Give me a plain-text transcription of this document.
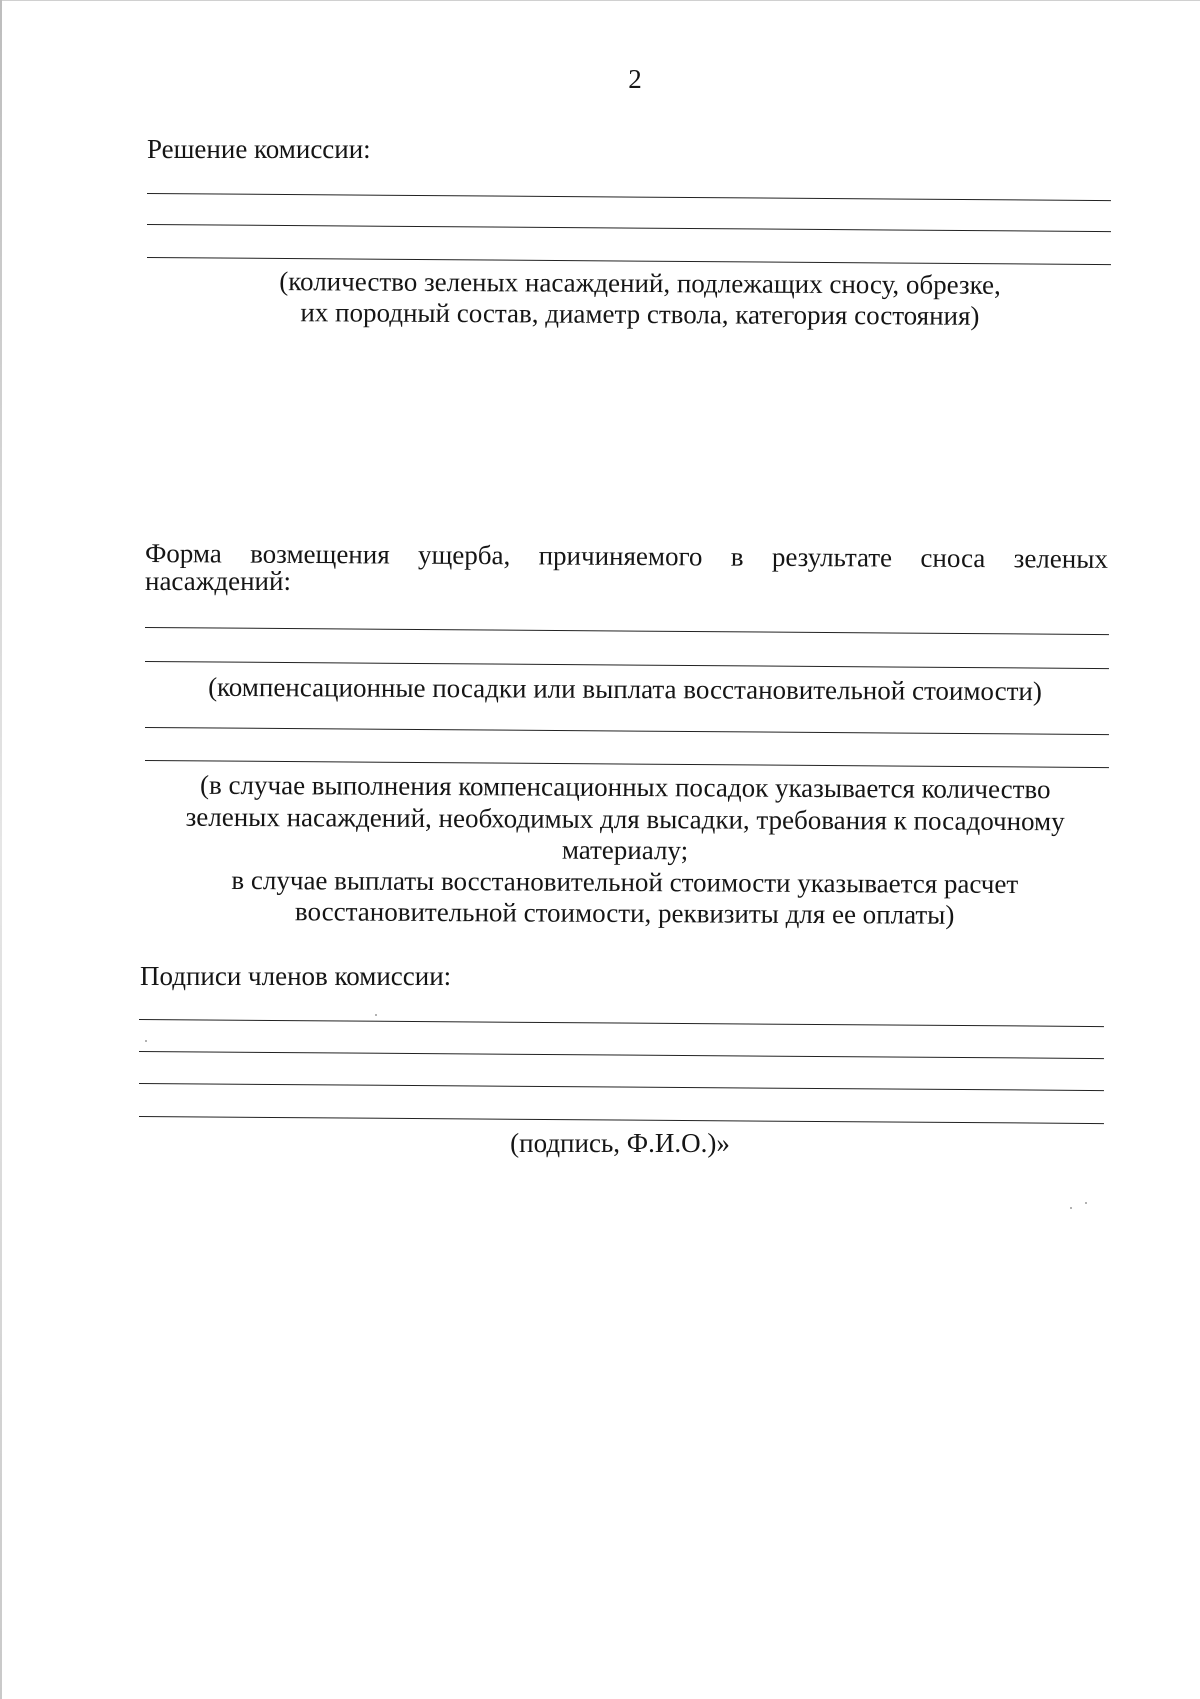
2
Решение комиссии:
(количество зеленых насаждений, подлежащих сносу, обрезке,
их породный состав, диаметр ствола, категория состояния)
Форма возмещения ущерба, причиняемого в результате сноса зеленых
насаждений:
(компенсационные посадки или выплата восстановительной стоимости)
(в случае выполнения компенсационных посадок указывается количество
зеленых насаждений, необходимых для высадки, требования к посадочному
материалу;
в случае выплаты восстановительной стоимости указывается расчет
восстановительной стоимости, реквизиты для ее оплаты)
Подписи членов комиссии:
(подпись, Ф.И.О.)»
